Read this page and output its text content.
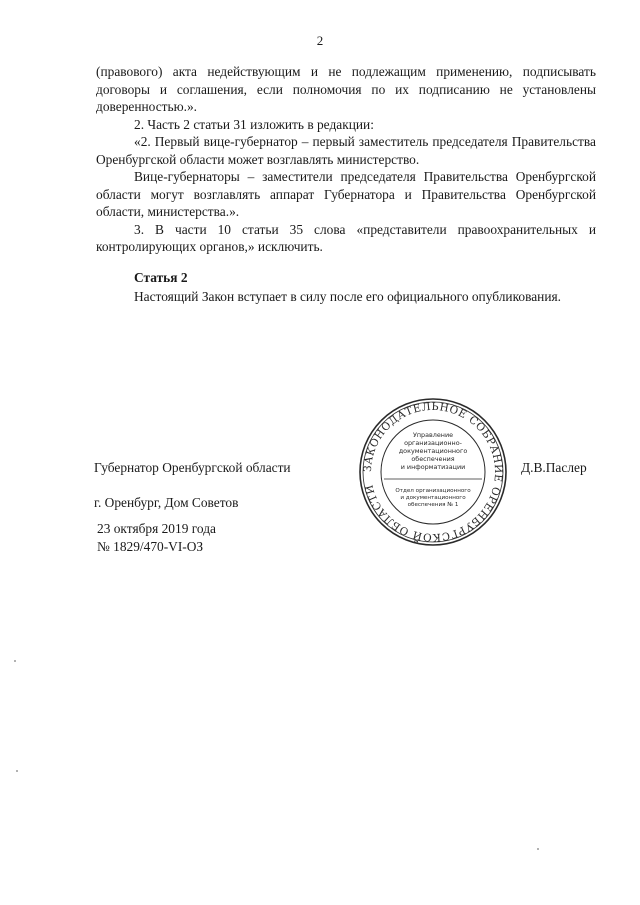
2

(правового) акта недействующим и не подлежащим применению, подписывать договоры и соглашения, если полномочия по их подписанию не установлены доверенностью.».

2. Часть 2 статьи 31 изложить в редакции:

«2. Первый вице-губернатор – первый заместитель председателя Правительства Оренбургской области может возглавлять министерство.

Вице-губернаторы – заместители председателя Правительства Оренбургской области могут возглавлять аппарат Губернатора и Правительства Оренбургской области, министерства.».

3. В части 10 статьи 35 слова «представители правоохранительных и контролирующих органов,» исключить.

Статья 2

Настоящий Закон вступает в силу после его официального опубликования.

Губернатор Оренбургской области	Д.В.Паслер
ЗАКОНОДАТЕЛЬНОЕ СОБРАНИЕ ОРЕНБУРГСКОЙ ОБЛАСТИ
Управление
организационно-
документационного
обеспечения
и информатизации
Отдел организационного
и документационного
обеспечения № 1
г. Оренбург, Дом Советов
23 октября 2019 года
№ 1829/470-VI-ОЗ
